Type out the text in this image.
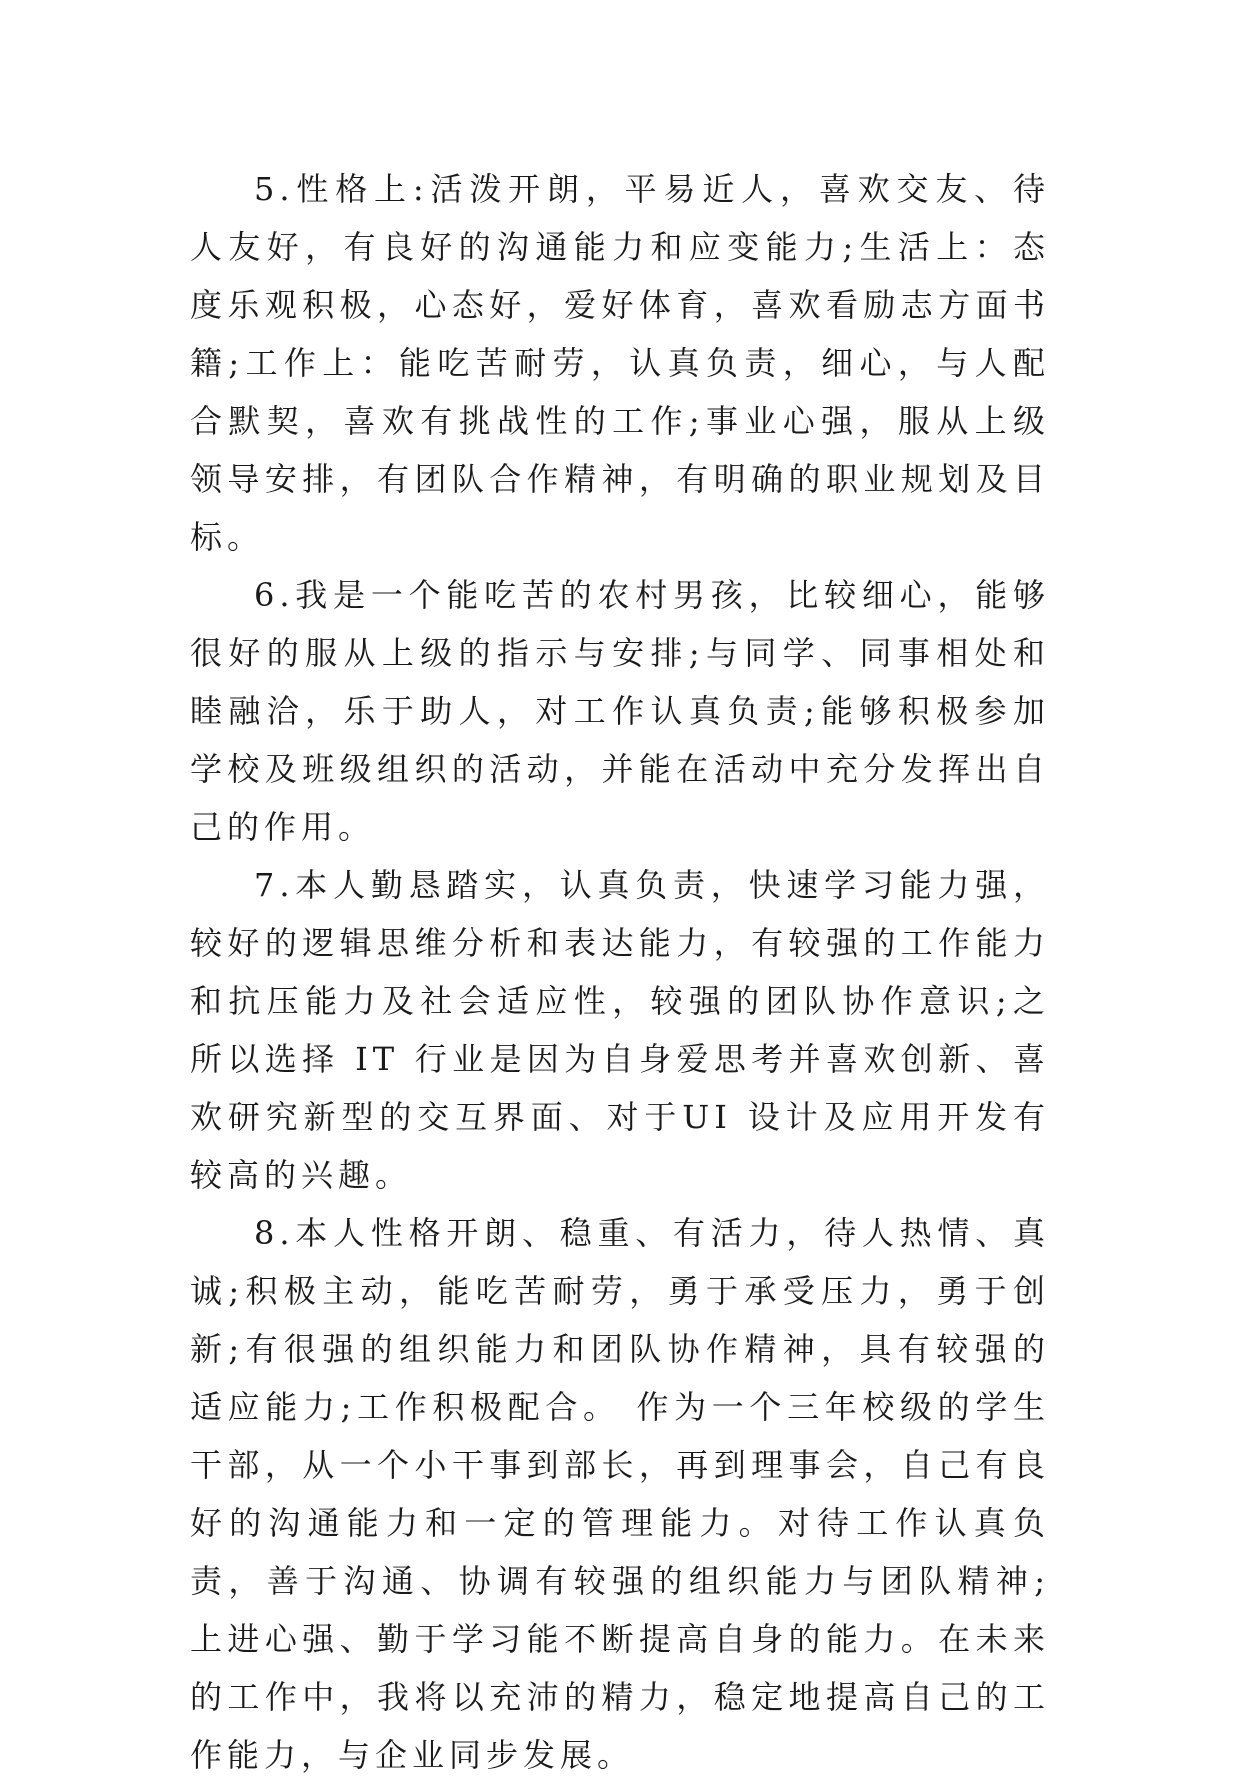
5.性格上:活泼开朗，平易近人，喜欢交友、待人友好，有良好的沟通能力和应变能力;生活上：态度乐观积极，心态好，爱好体育，喜欢看励志方面书籍;工作上：能吃苦耐劳，认真负责，细心，与人配合默契，喜欢有挑战性的工作;事业心强，服从上级领导安排，有团队合作精神，有明确的职业规划及目标。

6.我是一个能吃苦的农村男孩，比较细心，能够很好的服从上级的指示与安排;与同学、同事相处和睦融洽，乐于助人，对工作认真负责;能够积极参加学校及班级组织的活动，并能在活动中充分发挥出自己的作用。

7.本人勤恳踏实，认真负责，快速学习能力强，较好的逻辑思维分析和表达能力，有较强的工作能力和抗压能力及社会适应性，较强的团队协作意识;之所以选择 IT 行业是因为自身爱思考并喜欢创新、喜欢研究新型的交互界面、对于UI 设计及应用开发有较高的兴趣。

8.本人性格开朗、稳重、有活力，待人热情、真诚;积极主动，能吃苦耐劳，勇于承受压力，勇于创新;有很强的组织能力和团队协作精神，具有较强的适应能力;工作积极配合。 作为一个三年校级的学生干部，从一个小干事到部长，再到理事会，自己有良好的沟通能力和一定的管理能力。对待工作认真负责，善于沟通、协调有较强的组织能力与团队精神;上进心强、勤于学习能不断提高自身的能力。在未来的工作中，我将以充沛的精力，稳定地提高自己的工作能力，与企业同步发展。
